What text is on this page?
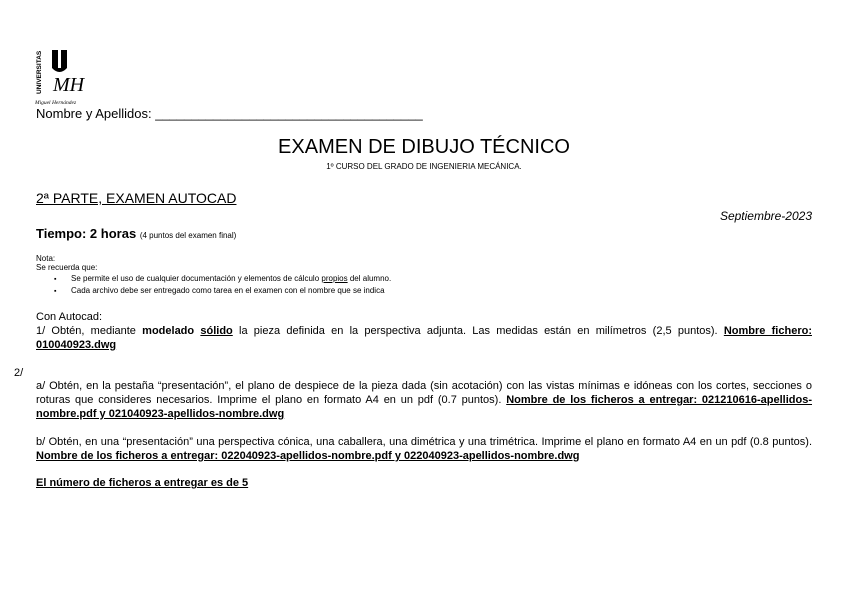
UNIVERSITAS MH
Miguel Hernández
Nombre y Apellidos: _____________________________________
EXAMEN DE DIBUJO TÉCNICO
1º CURSO DEL GRADO DE INGENIERIA MECÁNICA.
2ª PARTE, EXAMEN AUTOCAD
Septiembre-2023
Tiempo: 2 horas (4 puntos del examen final)
Nota:
Se recuerda que:
▪ Se permite el uso de cualquier documentación y elementos de cálculo propios del alumno.
▪ Cada archivo debe ser entregado como tarea en el examen con el nombre que se indica
Con Autocad:
1/ Obtén, mediante modelado sólido la pieza definida en la perspectiva adjunta. Las medidas están en milímetros (2,5 puntos). Nombre fichero: 010040923.dwg
2/
a/ Obtén, en la pestaña “presentación”, el plano de despiece de la pieza dada (sin acotación) con las vistas mínimas e idóneas con los cortes, secciones o roturas que consideres necesarios. Imprime el plano en formato A4 en un pdf (0.7 puntos). Nombre de los ficheros a entregar: 021210616-apellidos-nombre.pdf y 021040923-apellidos-nombre.dwg
b/ Obtén, en una “presentación” una perspectiva cónica, una caballera, una dimétrica y una trimétrica. Imprime el plano en formato A4 en un pdf (0.8 puntos). Nombre de los ficheros a entregar: 022040923-apellidos-nombre.pdf y 022040923-apellidos-nombre.dwg
El número de ficheros a entregar es de 5
